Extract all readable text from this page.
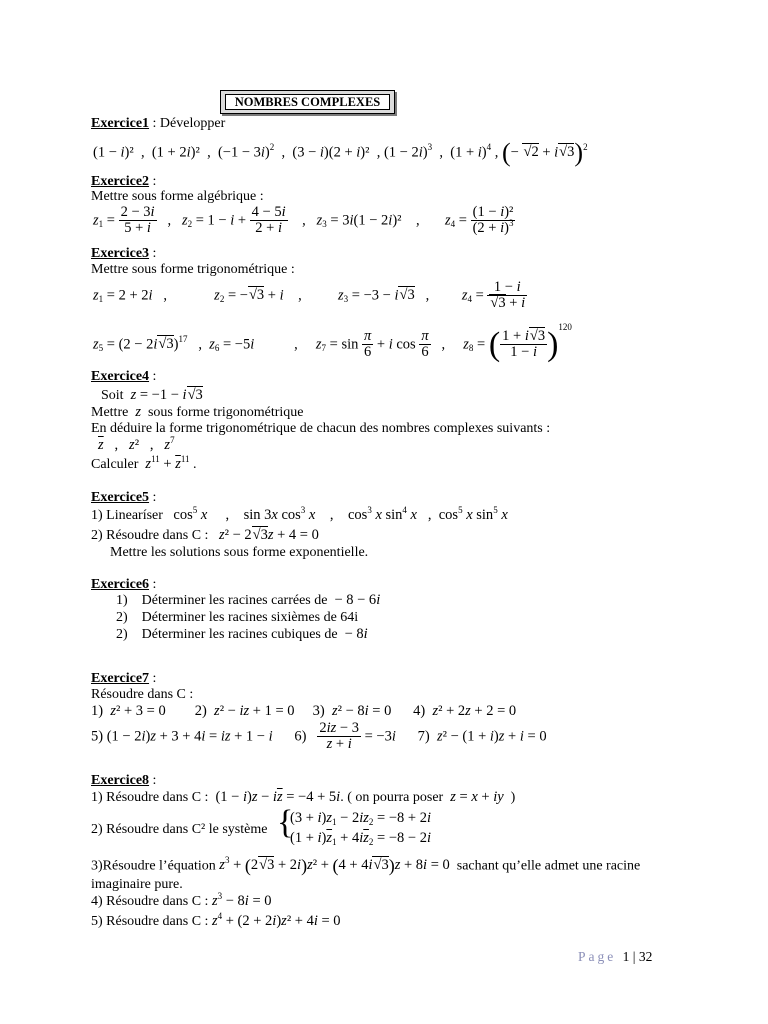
NOMBRES COMPLEXES
Exercice1 : Développer
(1 − i)²  ,  (1 + 2i)²  ,  $(-1 - 3i)^2$  ,  (3 − i)(2 + i)²  , $(1 - 2i)^3$  ,  $(1 + i)^4$ , (− √2 + i√3)$^2$
Exercice2 :
Mettre sous forme algébrique :
$z_1 = \frac{2 - 3i}{5 + i}$ ,   $z_2 = 1 - i + \frac{4 - 5i}{2 + i}$ ,   $z_3 = 3i(1 - 2i)^2$    ,       $z_4 = \frac{\text{(1 − i)²}}{(2 + i)^3}$
Exercice3 :
Mettre sous forme trigonométrique :
$z_1 = 2 + 2i$   ,             $z_2 = -√3 + i$    ,          $z_3 = -3 - i√3$   ,         $z_4 = \frac{1 - i}{√3 + i}$
$z_5 = (2 - 2i√3)^{17}$   ,  $z_6 = -5i$           ,     $z_7 = \sin \frac{\pi}{6} + i$ $\cos \frac{\pi}{6}$ ,     $z_8$ = ( $\frac{1 + i√3}{1 - i} )^{120}$
Exercice4 :
Soit z = −1 − i√3
Mettre z sous forme trigonométrique
En déduire la forme trigonométrique de chacun des nombres complexes suivants :
$\overline{z}$   ,   z²   ,   $z^7$
Calculer $z^{11} + \overline{z}^{11}$ .
Exercice5 :
1) Linearíser $\cos^5 x$     ,    sin 3x $\cos^3 x$    ,    $\cos^3 x$ $\sin^4 x$   ,  $\cos^5 x$ $\sin^5 x$
2) Résoudre dans C : z² − 2√3z + 4 = 0
Mettre les solutions sous forme exponentielle.
Exercice6 :
1) Déterminer les racines carrées de − 8 − 6i
2) Déterminer les racines sixièmes de 64i
2) Déterminer les racines cubiques de − 8i
Exercice7 :
Résoudre dans C :
1)  z² + 3 = 0        2)  z² − iz + 1 = 0     3)  z² − 8i = 0      4)  z² + 2z + 2 = 0
5) (1 − 2i)z + 3 + 4i = iz + 1 − i      $6) \frac{2iz - 3}{z + i} = -3i$      7)  z² − (1 + i)z + i = 0
Exercice8 :
1) Résoudre dans C : $(1 - i)z - i\overline{z} = -4 + 5i$. ( on pourra poser z = x + iy )
2) Résoudre dans C² le système {
$(3 + i)z_1 - 2iz_2 = -8 + 2i$
$(1 + i)\overline{z}_1 + 4i\overline{z}_2 = -8 - 2i$
3)Résoudre l’équation $z^3 + (2√3 + 2i)z^2 + (4 + 4i√3)z + 8i = 0$ sachant qu’elle admet une racine
imaginaire pure.
4) Résoudre dans C : $z^3 - 8i = 0$
5) Résoudre dans C : $z^4 + (2 + 2i)z^2 + 4i = 0$
Page 1 | 32
